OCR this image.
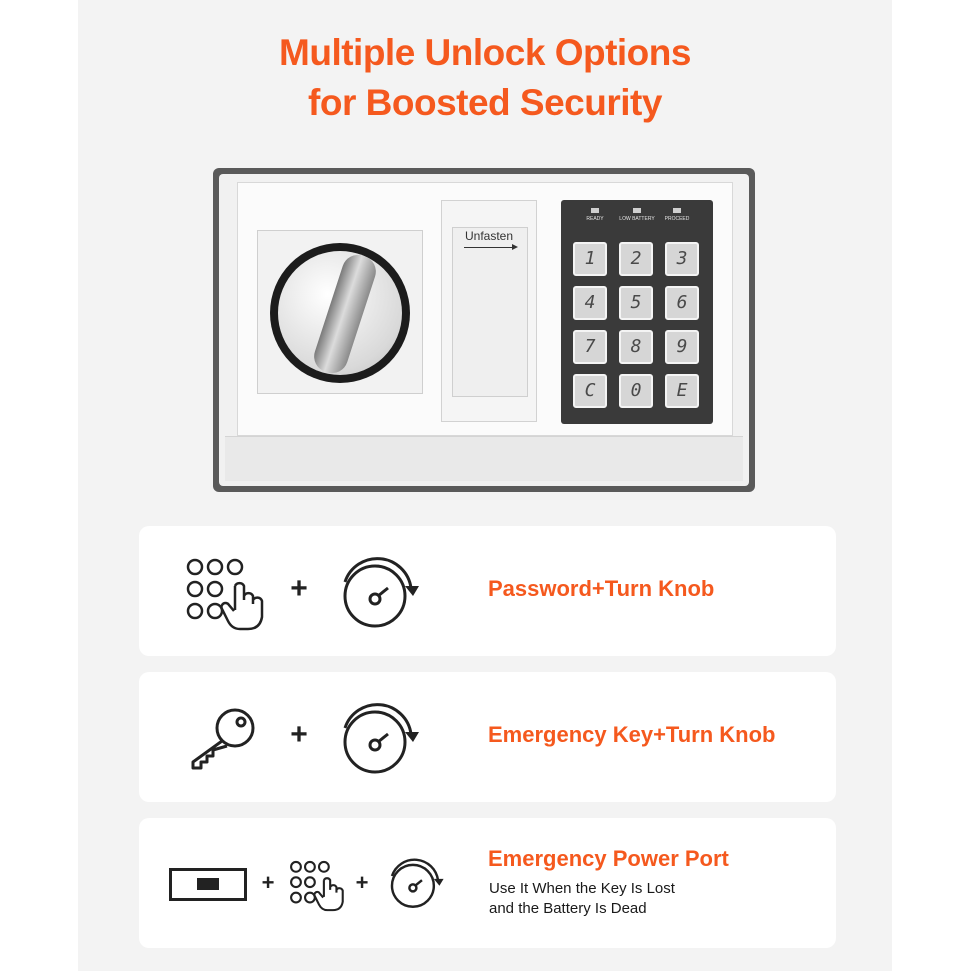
Multiple Unlock Options
for Boosted Security
Unfasten
READY	LOW BATTERY	PROCEED
1	2	3
4	5	6
7	8	9
C	0	E
+	Password+Turn Knob
+	Emergency Key+Turn Knob
+	+
Emergency Power Port
Use It When the Key Is Lost
and the Battery Is Dead
